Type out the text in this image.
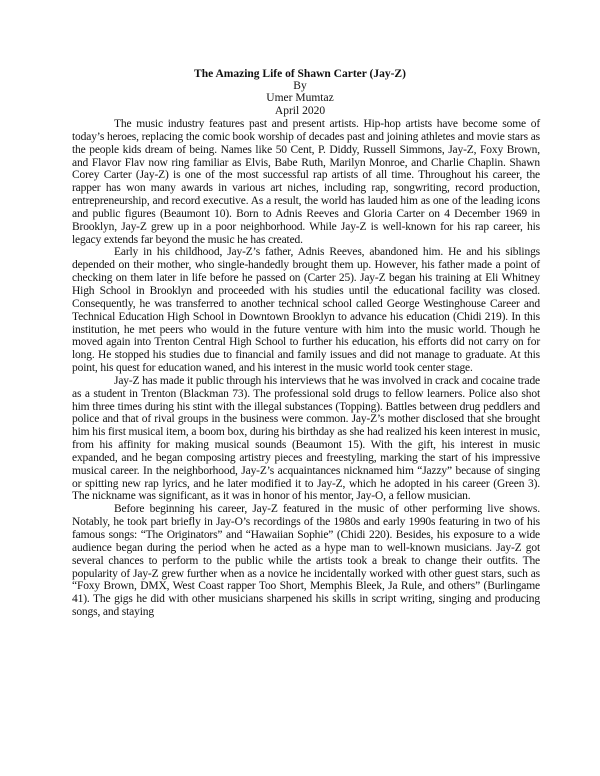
The Amazing Life of Shawn Carter (Jay-Z)
By
Umer Mumtaz
April 2020

The music industry features past and present artists. Hip-hop artists have become some of today’s heroes, replacing the comic book worship of decades past and joining athletes and movie stars as the people kids dream of being. Names like 50 Cent, P. Diddy, Russell Simmons, Jay-Z, Foxy Brown, and Flavor Flav now ring familiar as Elvis, Babe Ruth, Marilyn Monroe, and Charlie Chaplin. Shawn Corey Carter (Jay-Z) is one of the most successful rap artists of all time. Throughout his career, the rapper has won many awards in various art niches, including rap, songwriting, record production, entrepreneurship, and record executive. As a result, the world has lauded him as one of the leading icons and public figures (Beaumont 10). Born to Adnis Reeves and Gloria Carter on 4 December 1969 in Brooklyn, Jay-Z grew up in a poor neighborhood. While Jay-Z is well-known for his rap career, his legacy extends far beyond the music he has created.

Early in his childhood, Jay-Z’s father, Adnis Reeves, abandoned him. He and his siblings depended on their mother, who single-handedly brought them up. However, his father made a point of checking on them later in life before he passed on (Carter 25). Jay-Z began his training at Eli Whitney High School in Brooklyn and proceeded with his studies until the educational facility was closed. Consequently, he was transferred to another technical school called George Westinghouse Career and Technical Education High School in Downtown Brooklyn to advance his education (Chidi 219). In this institution, he met peers who would in the future venture with him into the music world. Though he moved again into Trenton Central High School to further his education, his efforts did not carry on for long. He stopped his studies due to financial and family issues and did not manage to graduate. At this point, his quest for education waned, and his interest in the music world took center stage.

Jay-Z has made it public through his interviews that he was involved in crack and cocaine trade as a student in Trenton (Blackman 73). The professional sold drugs to fellow learners. Police also shot him three times during his stint with the illegal substances (Topping). Battles between drug peddlers and police and that of rival groups in the business were common. Jay-Z’s mother disclosed that she brought him his first musical item, a boom box, during his birthday as she had realized his keen interest in music, from his affinity for making musical sounds (Beaumont 15). With the gift, his interest in music expanded, and he began composing artistry pieces and freestyling, marking the start of his impressive musical career. In the neighborhood, Jay-Z’s acquaintances nicknamed him “Jazzy” because of singing or spitting new rap lyrics, and he later modified it to Jay-Z, which he adopted in his career (Green 3). The nickname was significant, as it was in honor of his mentor, Jay-O, a fellow musician.

Before beginning his career, Jay-Z featured in the music of other performing live shows. Notably, he took part briefly in Jay-O’s recordings of the 1980s and early 1990s featuring in two of his famous songs: “The Originators” and “Hawaiian Sophie” (Chidi 220). Besides, his exposure to a wide audience began during the period when he acted as a hype man to well-known musicians. Jay-Z got several chances to perform to the public while the artists took a break to change their outfits. The popularity of Jay-Z grew further when as a novice he incidentally worked with other guest stars, such as “Foxy Brown, DMX, West Coast rapper Too Short, Memphis Bleek, Ja Rule, and others” (Burlingame 41). The gigs he did with other musicians sharpened his skills in script writing, singing and producing songs, and staying
